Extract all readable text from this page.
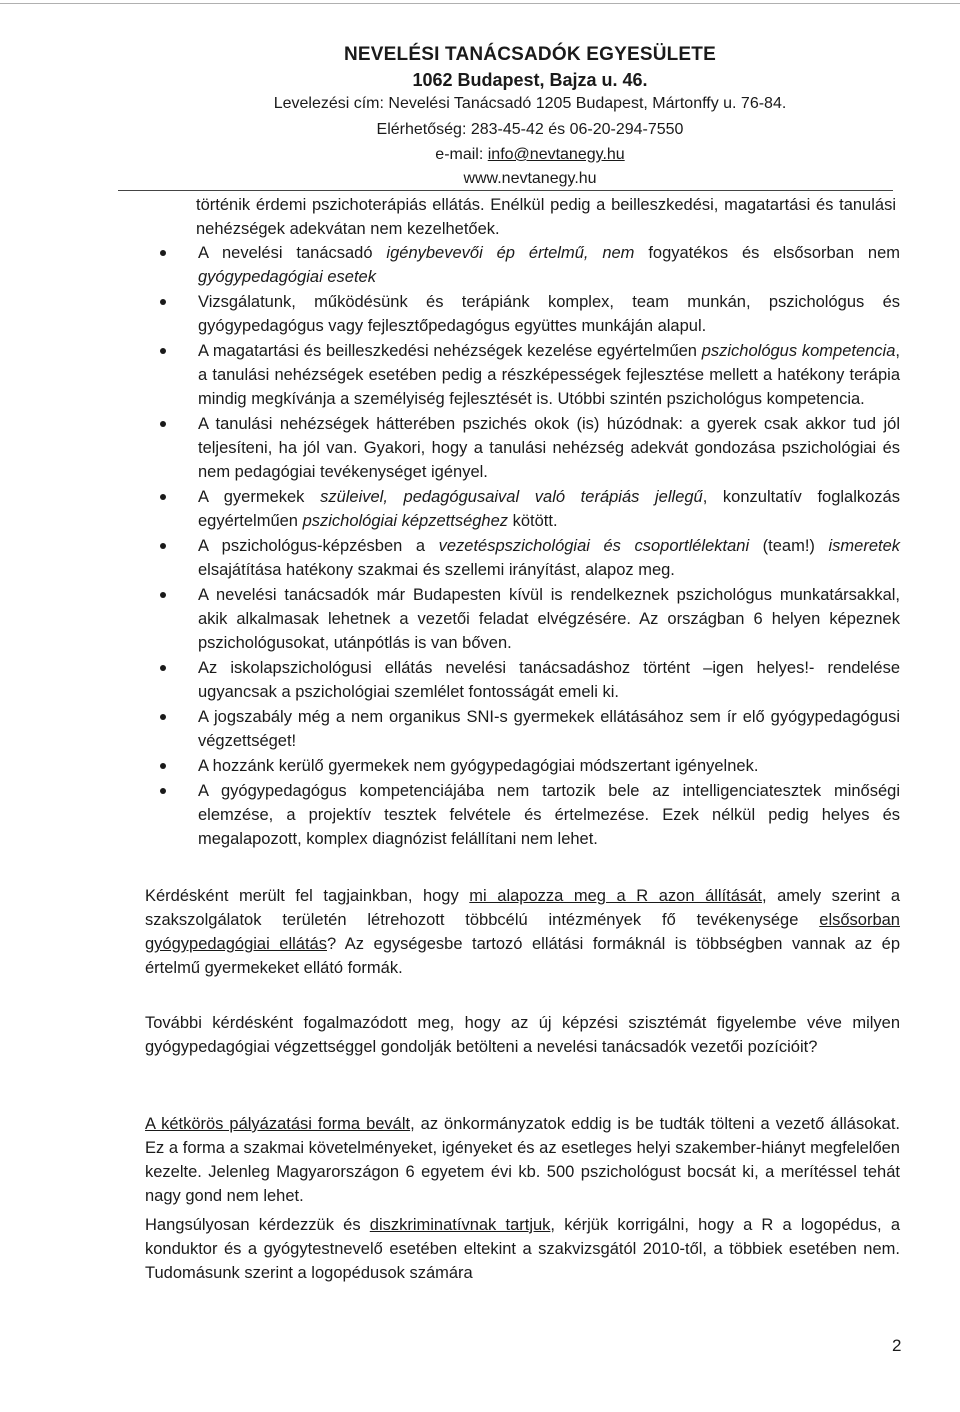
NEVELÉSI TANÁCSADÓK EGYESÜLETE
1062 Budapest, Bajza u. 46.
Levelezési cím: Nevelési Tanácsadó 1205 Budapest, Mártonffy u. 76-84.
Elérhetőség: 283-45-42 és 06-20-294-7550
e-mail: info@nevtanegy.hu
www.nevtanegy.hu
történik érdemi pszichoterápiás ellátás. Enélkül pedig a beilleszkedési, magatartási és tanulási nehézségek adekvátan nem kezelhetőek.
A nevelési tanácsadó igénybevevői ép értelmű, nem fogyatékos és elsősorban nem gyógypedagógiai esetek
Vizsgálatunk, működésünk és terápiánk komplex, team munkán, pszichológus és gyógypedagógus vagy fejlesztőpedagógus együttes munkáján alapul.
A magatartási és beilleszkedési nehézségek kezelése egyértelműen pszichológus kompetencia, a tanulási nehézségek esetében pedig a részképességek fejlesztése mellett a hatékony terápia mindig megkívánja a személyiség fejlesztését is. Utóbbi szintén pszichológus kompetencia.
A tanulási nehézségek hátterében pszichés okok (is) húzódnak: a gyerek csak akkor tud jól teljesíteni, ha jól van. Gyakori, hogy a tanulási nehézség adekvát gondozása pszichológiai és nem pedagógiai tevékenységet igényel.
A gyermekek szüleivel, pedagógusaival való terápiás jellegű, konzultatív foglalkozás egyértelműen pszichológiai képzettséghez kötött.
A pszichológus-képzésben a vezetéspszichológiai és csoportlélektani (team!) ismeretek elsajátítása hatékony szakmai és szellemi irányítást, alapoz meg.
A nevelési tanácsadók már Budapesten kívül is rendelkeznek pszichológus munkatársakkal, akik alkalmasak lehetnek a vezetői feladat elvégzésére. Az országban 6 helyen képeznek pszichológusokat, utánpótlás is van bőven.
Az iskolapszichológusi ellátás nevelési tanácsadáshoz történt –igen helyes!- rendelése ugyancsak a pszichológiai szemlélet fontosságát emeli ki.
A jogszabály még a nem organikus SNI-s gyermekek ellátásához sem ír elő gyógypedagógusi végzettséget!
A hozzánk kerülő gyermekek nem gyógypedagógiai módszertant igényelnek.
A gyógypedagógus kompetenciájába nem tartozik bele az intelligenciatesztek minőségi elemzése, a projektív tesztek felvétele és értelmezése. Ezek nélkül pedig helyes és megalapozott, komplex diagnózist felállítani nem lehet.
Kérdésként merült fel tagjainkban, hogy mi alapozza meg a R azon állítását, amely szerint a szakszolgálatok területén létrehozott többcélú intézmények fő tevékenysége elsősorban gyógypedagógiai ellátás? Az egységesbe tartozó ellátási formáknál is többségben vannak az ép értelmű gyermekeket ellátó formák.
További kérdésként fogalmazódott meg, hogy az új képzési szisztémát figyelembe véve milyen gyógypedagógiai végzettséggel gondolják betölteni a nevelési tanácsadók vezetői pozícióit?
A kétkörös pályázatási forma bevált, az önkormányzatok eddig is be tudták tölteni a vezető állásokat. Ez a forma a szakmai követelményeket, igényeket és az esetleges helyi szakember-hiányt megfelelően kezelte. Jelenleg Magyarországon 6 egyetem évi kb. 500 pszichológust bocsát ki, a merítéssel tehát nagy gond nem lehet.
Hangsúlyosan kérdezzük és diszkriminatívnak tartjuk, kérjük korrigálni, hogy a R a logopédus, a konduktor és a gyógytestnevelő esetében eltekint a szakvizsgától 2010-től, a többiek esetében nem. Tudomásunk szerint a logopédusok számára
2
